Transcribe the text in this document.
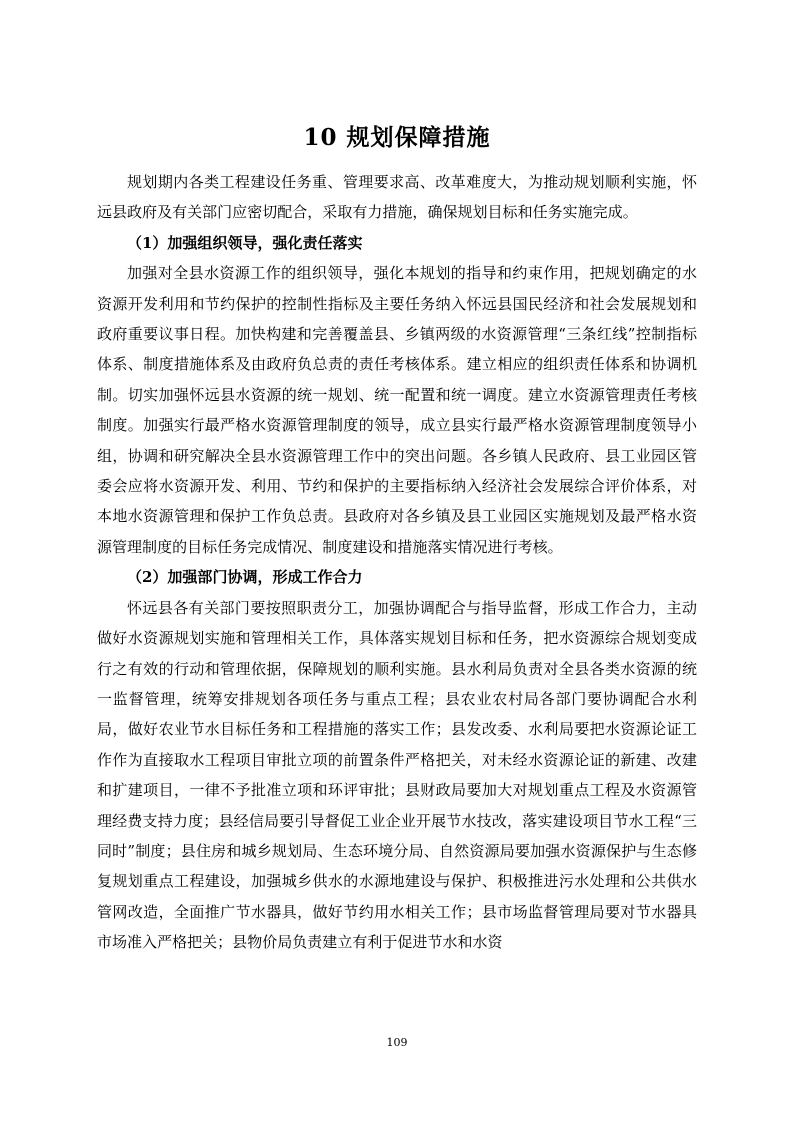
10 规划保障措施

规划期内各类工程建设任务重、管理要求高、改革难度大，为推动规划顺利实施，怀远县政府及有关部门应密切配合，采取有力措施，确保规划目标和任务实施完成。

（1）加强组织领导，强化责任落实

加强对全县水资源工作的组织领导，强化本规划的指导和约束作用，把规划确定的水资源开发利用和节约保护的控制性指标及主要任务纳入怀远县国民经济和社会发展规划和政府重要议事日程。加快构建和完善覆盖县、乡镇两级的水资源管理“三条红线”控制指标体系、制度措施体系及由政府负总责的责任考核体系。建立相应的组织责任体系和协调机制。切实加强怀远县水资源的统一规划、统一配置和统一调度。建立水资源管理责任考核制度。加强实行最严格水资源管理制度的领导，成立县实行最严格水资源管理制度领导小组，协调和研究解决全县水资源管理工作中的突出问题。各乡镇人民政府、县工业园区管委会应将水资源开发、利用、节约和保护的主要指标纳入经济社会发展综合评价体系，对本地水资源管理和保护工作负总责。县政府对各乡镇及县工业园区实施规划及最严格水资源管理制度的目标任务完成情况、制度建设和措施落实情况进行考核。

（2）加强部门协调，形成工作合力

怀远县各有关部门要按照职责分工，加强协调配合与指导监督，形成工作合力，主动做好水资源规划实施和管理相关工作，具体落实规划目标和任务，把水资源综合规划变成行之有效的行动和管理依据，保障规划的顺利实施。县水利局负责对全县各类水资源的统一监督管理，统筹安排规划各项任务与重点工程；县农业农村局各部门要协调配合水利局，做好农业节水目标任务和工程措施的落实工作；县发改委、水利局要把水资源论证工作作为直接取水工程项目审批立项的前置条件严格把关，对未经水资源论证的新建、改建和扩建项目，一律不予批准立项和环评审批；县财政局要加大对规划重点工程及水资源管理经费支持力度；县经信局要引导督促工业企业开展节水技改，落实建设项目节水工程“三同时”制度；县住房和城乡规划局、生态环境分局、自然资源局要加强水资源保护与生态修复规划重点工程建设，加强城乡供水的水源地建设与保护、积极推进污水处理和公共供水管网改造，全面推广节水器具，做好节约用水相关工作；县市场监督管理局要对节水器具市场准入严格把关；县物价局负责建立有利于促进节水和水资

109
